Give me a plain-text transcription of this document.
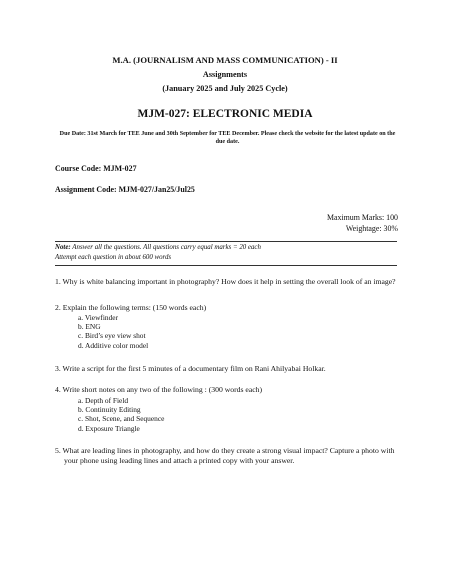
M.A. (JOURNALISM AND MASS COMMUNICATION) - II
Assignments
(January 2025 and July 2025 Cycle)
MJM-027: ELECTRONIC MEDIA
Due Date: 31st March for TEE June and 30th September for TEE December. Please check the website for the latest update on the due date.
Course Code: MJM-027
Assignment Code: MJM-027/Jan25/Jul25
Maximum Marks: 100
Weightage: 30%
Note: Answer all the questions. All questions carry equal marks = 20 each
Attempt each question in about 600 words
1. Why is white balancing important in photography? How does it help in setting the overall look of an image?
2. Explain the following terms: (150 words each)
a. Viewfinder
b. ENG
c. Bird’s eye view shot
d. Additive color model
3. Write a script for the first 5 minutes of a documentary film on Rani Ahilyabai Holkar.
4. Write short notes on any two of the following : (300 words each)
a. Depth of Field
b. Continuity Editing
c. Shot, Scene, and Sequence
d. Exposure Triangle
5. What are leading lines in photography, and how do they create a strong visual impact? Capture a photo with your phone using leading lines and attach a printed copy with your answer.
